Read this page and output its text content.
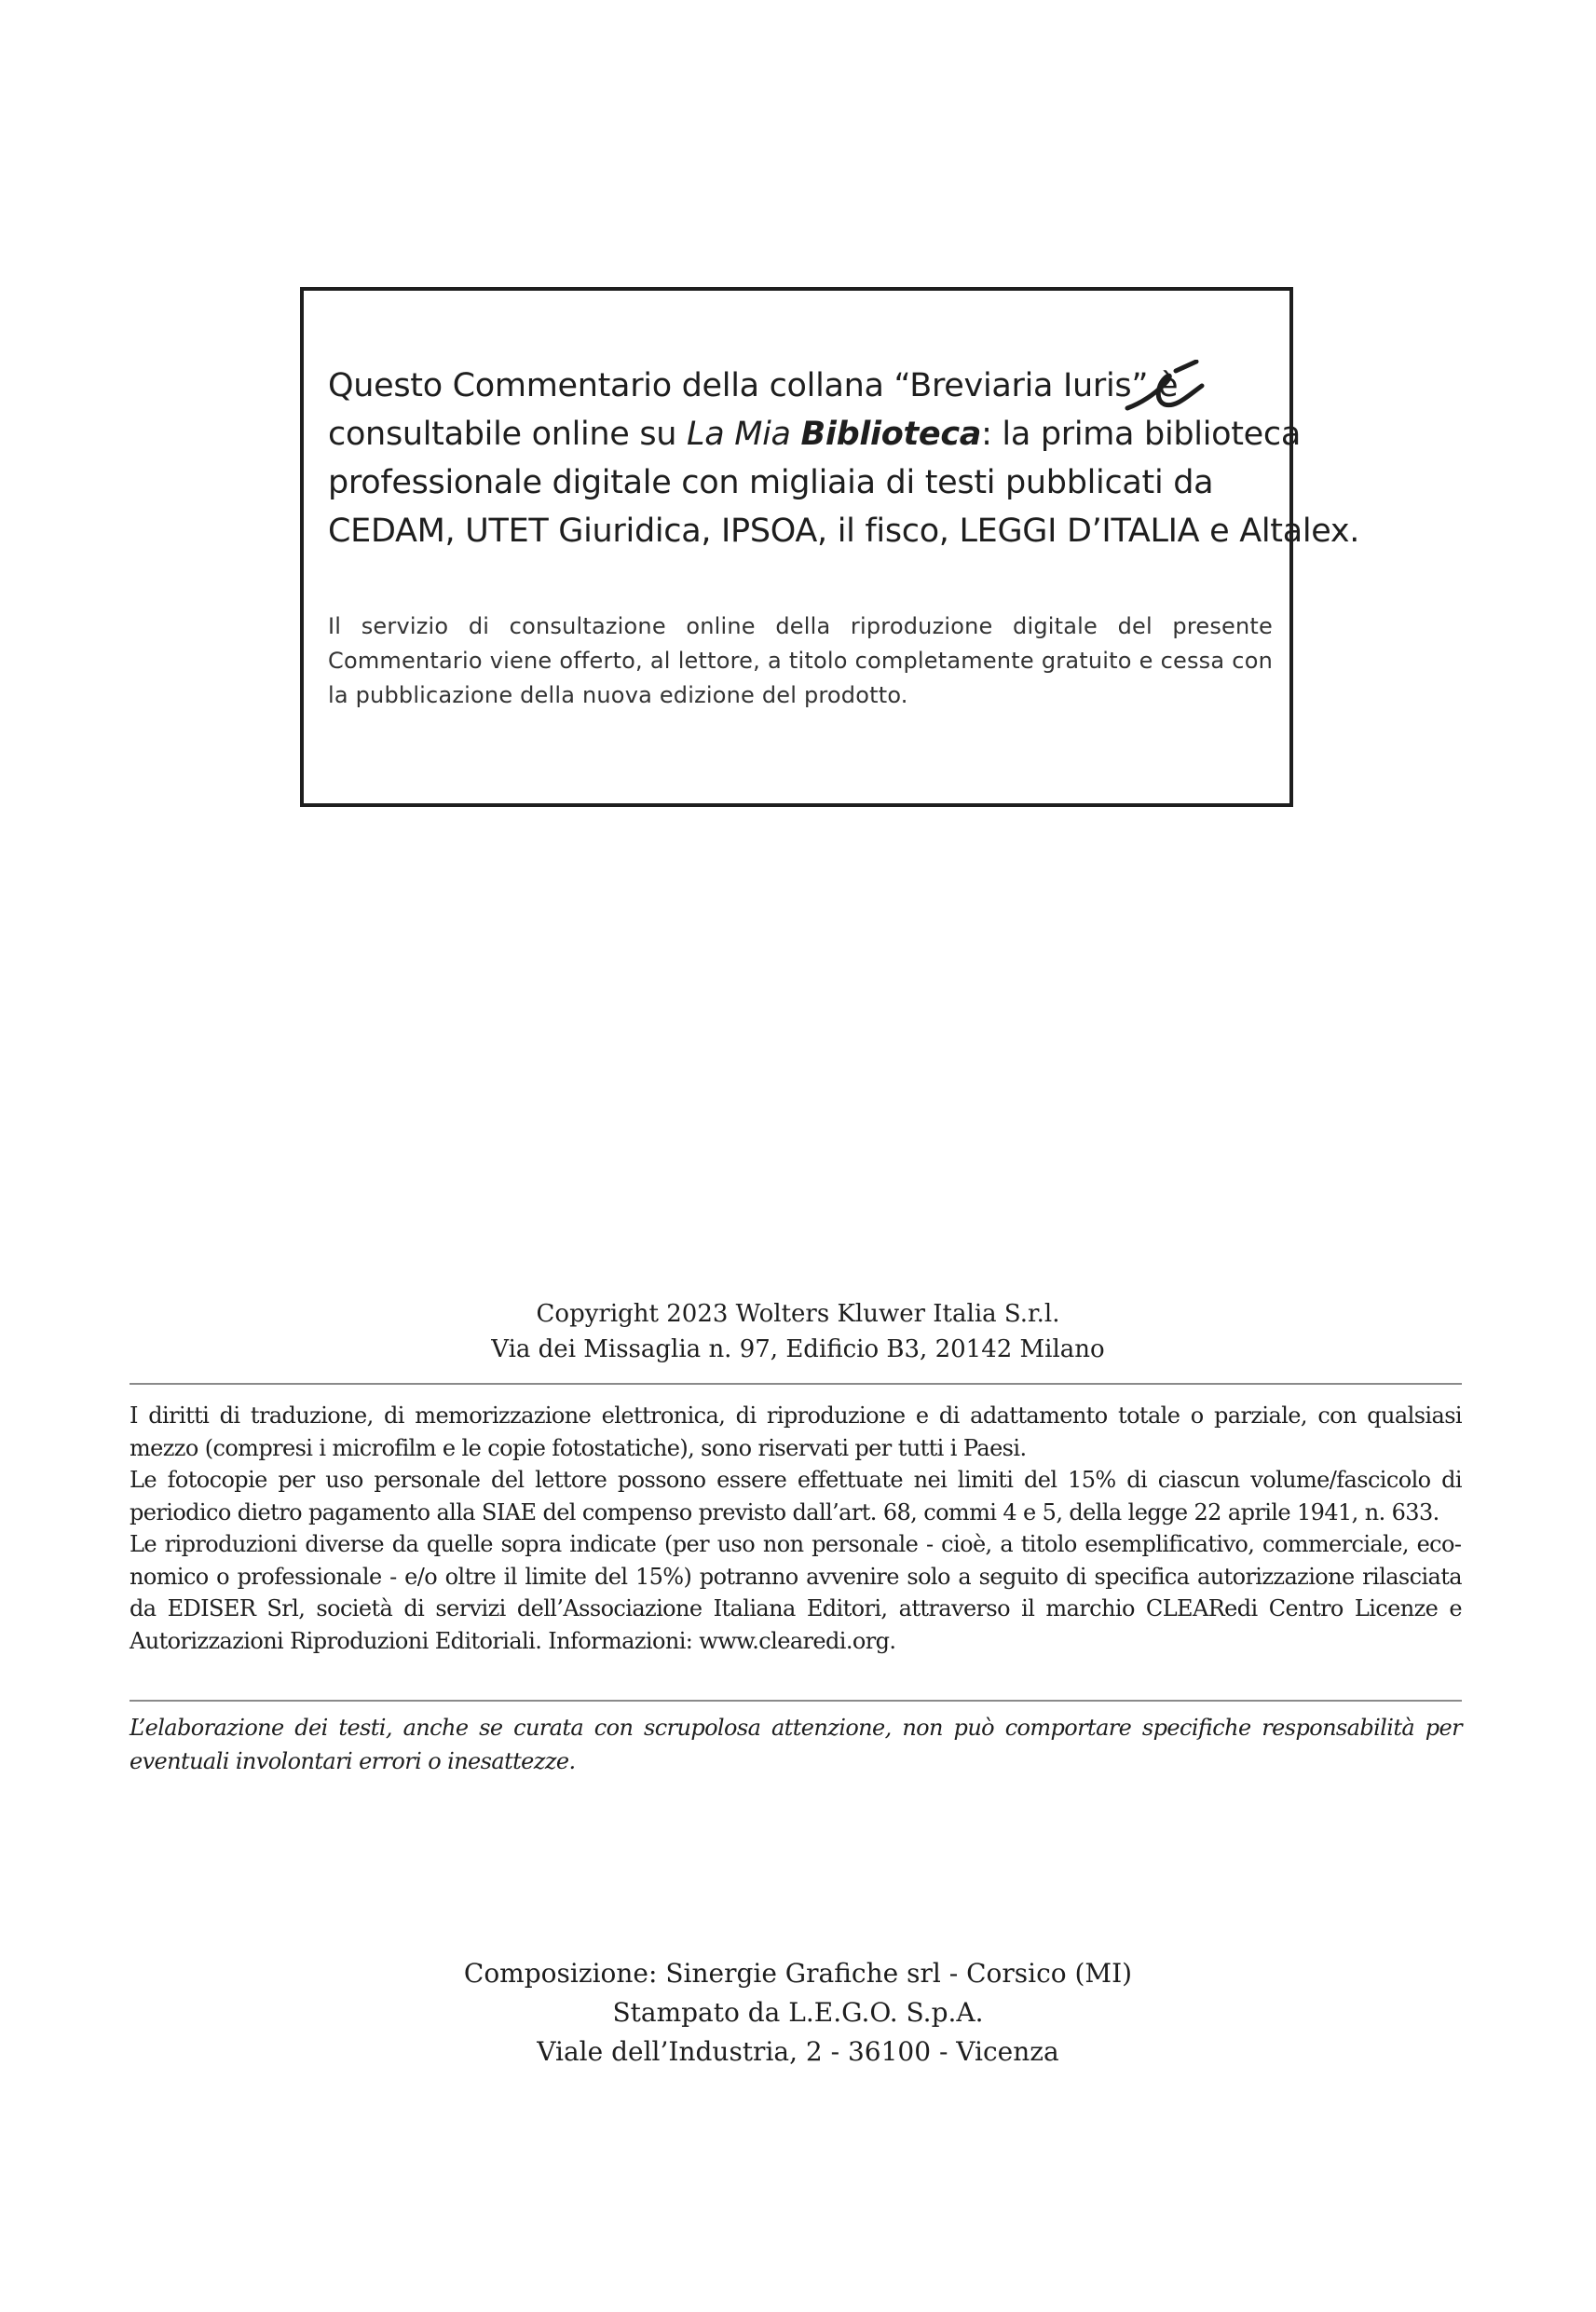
Questo Commentario della collana “Breviaria Iuris” è
consultabile online su La Mia Biblioteca: la prima biblioteca
professionale digitale con migliaia di testi pubblicati da
CEDAM, UTET Giuridica, IPSOA, il fisco, LEGGI D’ITALIA e Altalex.

Il servizio di consultazione online della riproduzione digitale del presente Commentario viene offerto, al lettore, a titolo completamente gratuito e cessa con la pubblicazione della nuova edizione del prodotto.

Copyright 2023 Wolters Kluwer Italia S.r.l.
Via dei Missaglia n. 97, Edificio B3, 20142 Milano
I diritti di traduzione, di memorizzazione elettronica, di riproduzione e di adattamento totale o parziale, con qualsiasi mezzo (compresi i microfilm e le copie fotostatiche), sono riservati per tutti i Paesi.
Le fotocopie per uso personale del lettore possono essere effettuate nei limiti del 15% di ciascun volume/fascicolo di periodico dietro pagamento alla SIAE del compenso previsto dall’art. 68, commi 4 e 5, della legge 22 aprile 1941, n. 633.
Le riproduzioni diverse da quelle sopra indicate (per uso non personale - cioè, a titolo esemplificativo, commerciale, economico o professionale - e/o oltre il limite del 15%) potranno avvenire solo a seguito di specifica autorizzazione rilasciata da EDISER Srl, società di servizi dell’Associazione Italiana Editori, attraverso il marchio CLEARedi Centro Licenze e Autorizzazioni Riproduzioni Editoriali. Informazioni: www.clearedi.org.

L’elaborazione dei testi, anche se curata con scrupolosa attenzione, non può comportare specifiche responsabilità per eventuali involontari errori o inesattezze.

Composizione: Sinergie Grafiche srl - Corsico (MI)
Stampato da L.E.G.O. S.p.A.
Viale dell’Industria, 2 - 36100 - Vicenza
